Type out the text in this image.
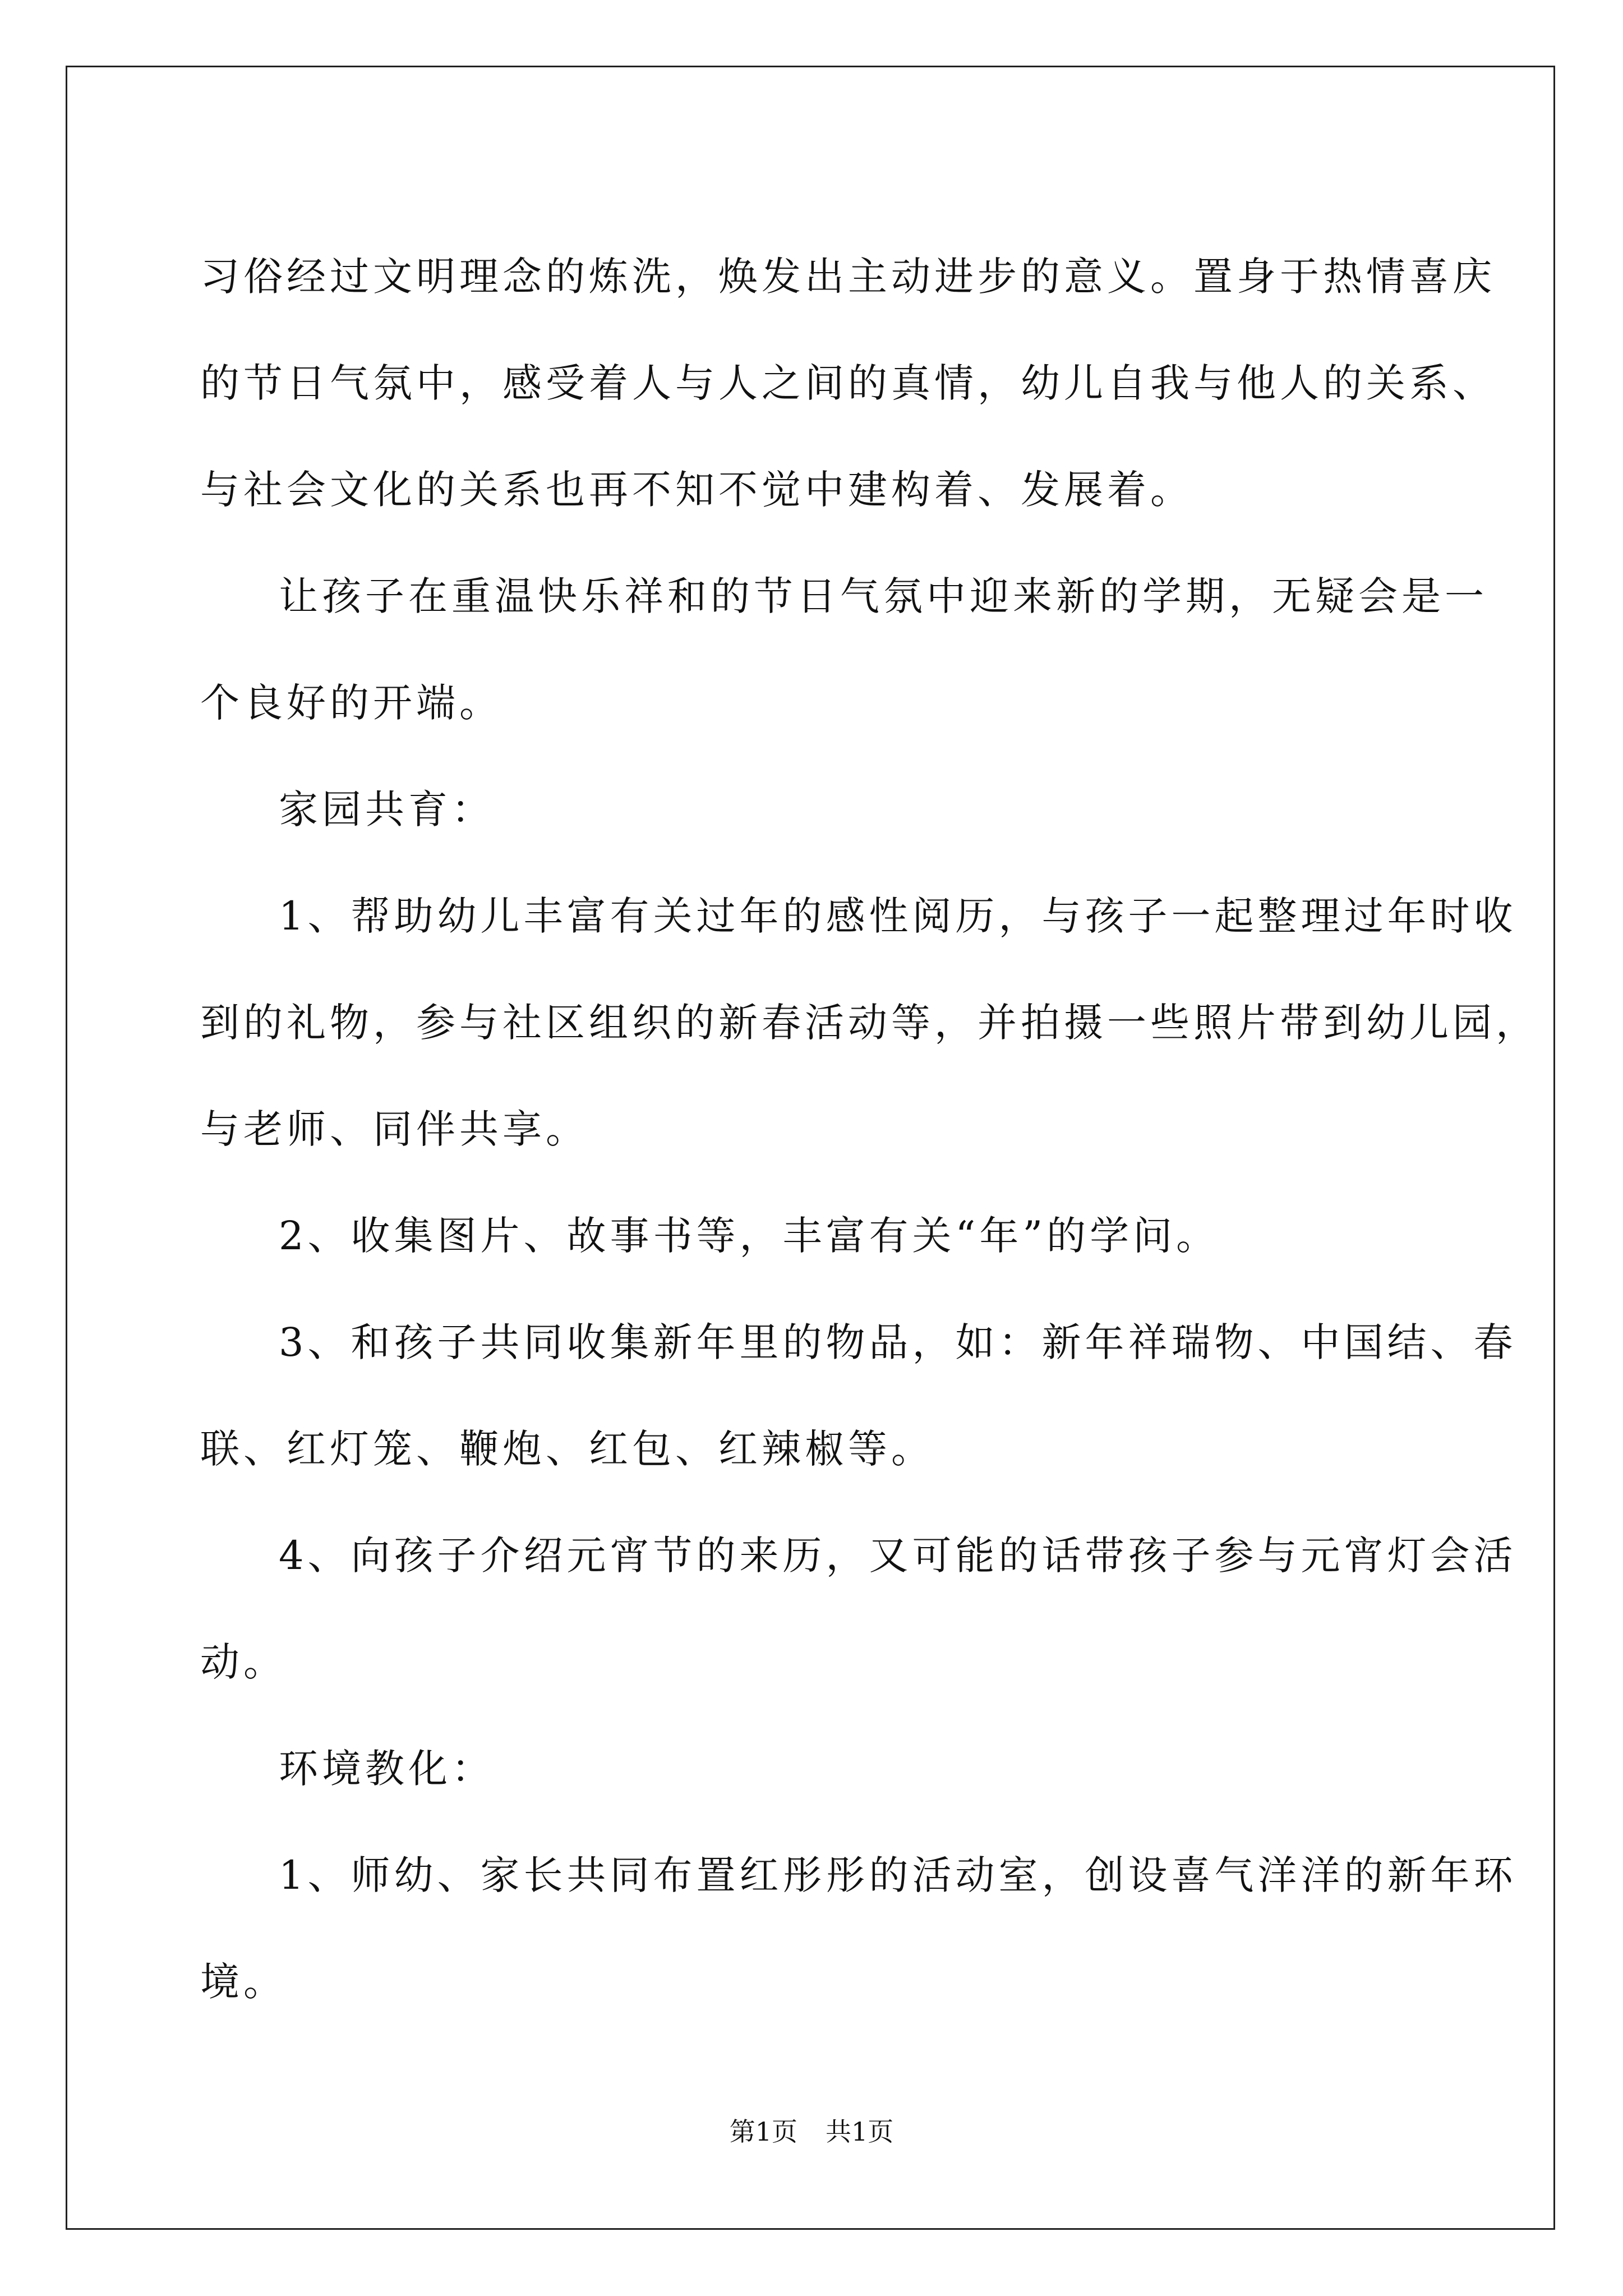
习俗经过文明理念的炼洗，焕发出主动进步的意义。置身于热情喜庆
的节日气氛中，感受着人与人之间的真情，幼儿自我与他人的关系、
与社会文化的关系也再不知不觉中建构着、发展着。

让孩子在重温快乐祥和的节日气氛中迎来新的学期，无疑会是一
个良好的开端。

家园共育：

1、帮助幼儿丰富有关过年的感性阅历，与孩子一起整理过年时收
到的礼物，参与社区组织的新春活动等，并拍摄一些照片带到幼儿园，
与老师、同伴共享。

2、收集图片、故事书等，丰富有关“年”的学问。

3、和孩子共同收集新年里的物品，如：新年祥瑞物、中国结、春
联、红灯笼、鞭炮、红包、红辣椒等。

4、向孩子介绍元宵节的来历，又可能的话带孩子参与元宵灯会活
动。

环境教化：

1、师幼、家长共同布置红彤彤的活动室，创设喜气洋洋的新年环
境。

第1页 共1页
